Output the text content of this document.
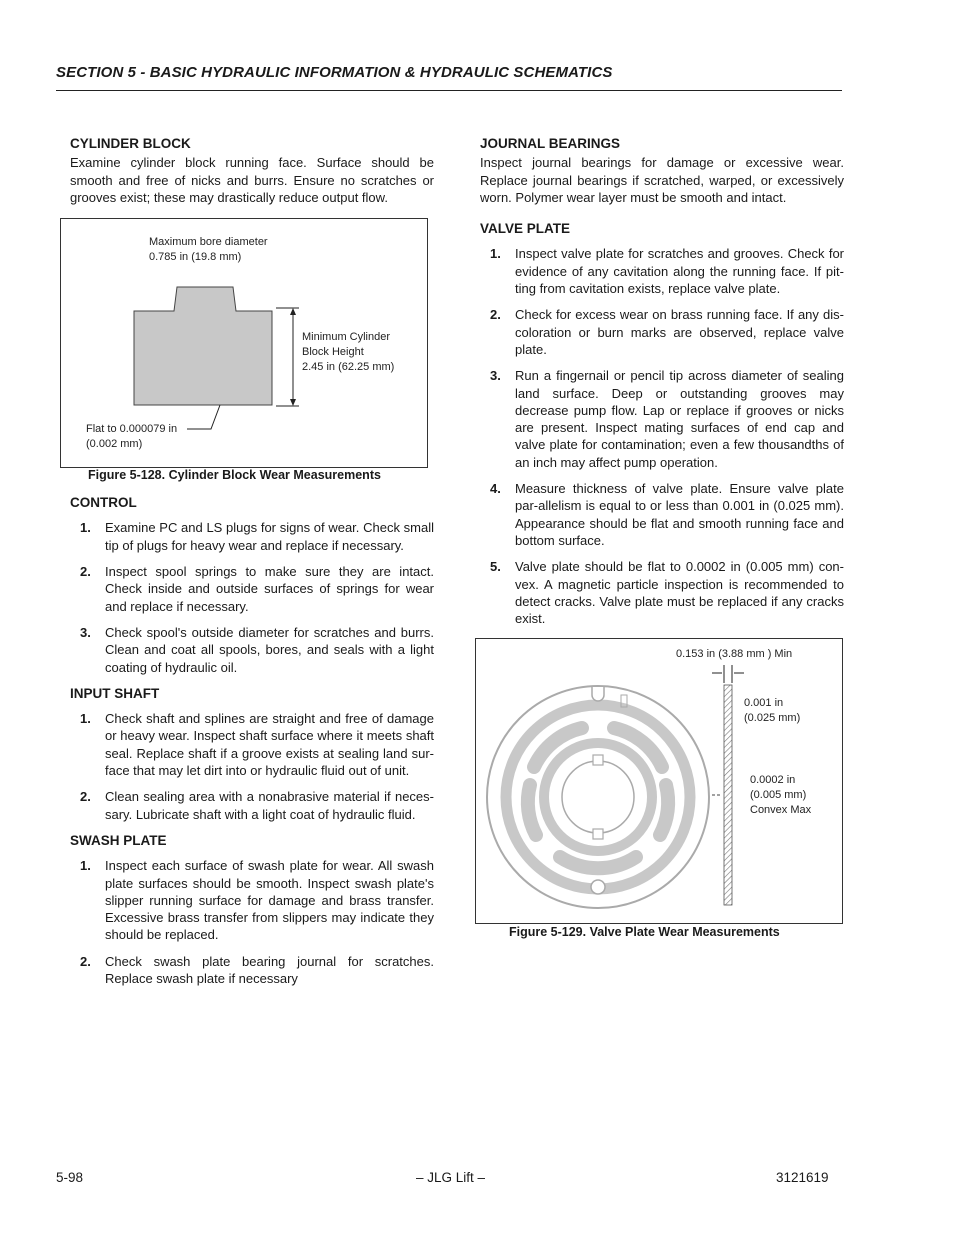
SECTION 5 - BASIC HYDRAULIC INFORMATION & HYDRAULIC SCHEMATICS
CYLINDER BLOCK

Examine cylinder block running face. Surface should be smooth and free of nicks and burrs. Ensure no scratches or grooves exist; these may drastically reduce output flow.

CONTROL
1. Examine PC and LS plugs for signs of wear. Check small tip of plugs for heavy wear and replace if necessary.
2. Inspect spool springs to make sure they are intact. Check inside and outside surfaces of springs for wear and replace if necessary.
3. Check spool's outside diameter for scratches and burrs. Clean and coat all spools, bores, and seals with a light coating of hydraulic oil.
INPUT SHAFT
1. Check shaft and splines are straight and free of damage or heavy wear. Inspect shaft surface where it meets shaft seal. Replace shaft if a groove exists at sealing land sur-face that may let dirt into or hydraulic fluid out of unit.
2. Clean sealing area with a nonabrasive material if neces-sary. Lubricate shaft with a light coat of hydraulic fluid.
SWASH PLATE
1. Inspect each surface of swash plate for wear. All swash plate surfaces should be smooth. Inspect swash plate's slipper running surface for damage and brass transfer. Excessive brass transfer from slippers may indicate they should be replaced.
2. Check swash plate bearing journal for scratches. Replace swash plate if necessary
Maximum bore diameter
0.785 in (19.8 mm)
Minimum Cylinder
Block Height
2.45 in (62.25 mm)
Flat to 0.000079 in
(0.002 mm)
Figure 5-128. Cylinder Block Wear Measurements
JOURNAL BEARINGS

Inspect journal bearings for damage or excessive wear. Replace journal bearings if scratched, warped, or excessively worn. Polymer wear layer must be smooth and intact.

VALVE PLATE
1. Inspect valve plate for scratches and grooves. Check for evidence of any cavitation along the running face. If pit-ting from cavitation exists, replace valve plate.
2. Check for excess wear on brass running face. If any dis-coloration or burn marks are observed, replace valve plate.
3. Run a fingernail or pencil tip across diameter of sealing land surface. Deep or outstanding grooves may decrease pump flow. Lap or replace if grooves or nicks are present. Inspect mating surfaces of end cap and valve plate for contamination; even a few thousandths of an inch may affect pump operation.
4. Measure thickness of valve plate. Ensure valve plate par-allelism is equal to or less than 0.001 in (0.025 mm). Appearance should be flat and smooth running face and bottom surface.
5. Valve plate should be flat to 0.0002 in (0.005 mm) con-vex. A magnetic particle inspection is recommended to detect cracks. Valve plate must be replaced if any cracks exist.
0.153 in (3.88 mm ) Min
0.001 in
(0.025 mm)
0.0002 in
(0.005 mm)
Convex Max
Figure 5-129. Valve Plate Wear Measurements
5-98	– JLG Lift –	3121619
